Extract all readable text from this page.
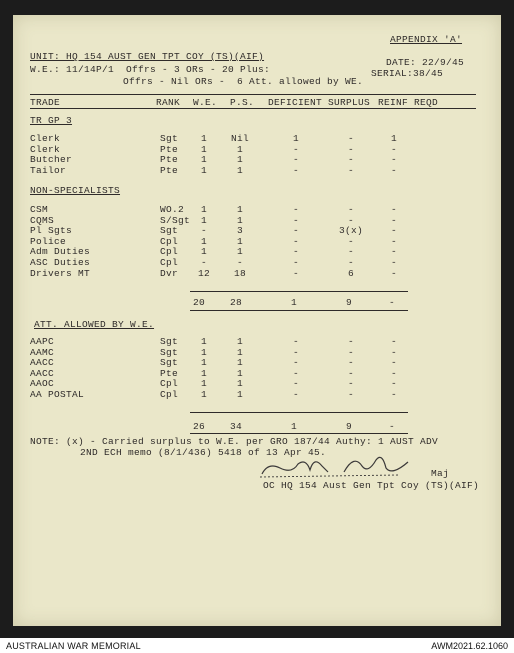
APPENDIX 'A'
UNIT: HQ 154 AUST GEN TPT COY (TS)(AIF)
DATE: 22/9/45
W.E.: 11/14P/1  Offrs - 3 ORs - 20 Plus:	SERIAL:38/45
Offrs - Nil ORs -  6 Att. allowed by WE.
TRADE	RANK W.E. P.S. DEFICIENT SURPLUS REINF REQD
TR GP 3
NON-SPECIALISTS
ATT. ALLOWED BY W.E.
Clerk	Sgt	1	Nil	1	-	1
Clerk	Pte	1	1	-	-	-
Butcher	Pte	1	1	-	-	-
Tailor	Pte	1	1	-	-	-
CSM	WO.2	1	1	-	-	-
CQMS	S/Sgt	1	1	-	-	-
Pl Sgts	Sgt	-	3	-	3(x)	-
Police	Cpl	1	1	-	-	-
Adm Duties	Cpl	1	1	-	-	-
ASC Duties	Cpl	-	-	-	-	-
Drivers MT	Dvr	12	18	-	6	-
AAPC	Sgt	1	1	-	-	-
AAMC	Sgt	1	1	-	-	-
AACC	Sgt	1	1	-	-	-
AACC	Pte	1	1	-	-	-
AAOC	Cpl	1	1	-	-	-
AA POSTAL	Cpl	1	1	-	-	-
20	28	1	9	-
26	34	1	9	-
NOTE: (x) - Carried surplus to W.E. per GRO 187/44 Authy: 1 AUST ADV
2ND ECH memo (8/1/436) 5418 of 13 Apr 45.
Maj
OC HQ 154 Aust Gen Tpt Coy (TS)(AIF)
AUSTRALIAN WAR MEMORIAL	AWM2021.62.1060
